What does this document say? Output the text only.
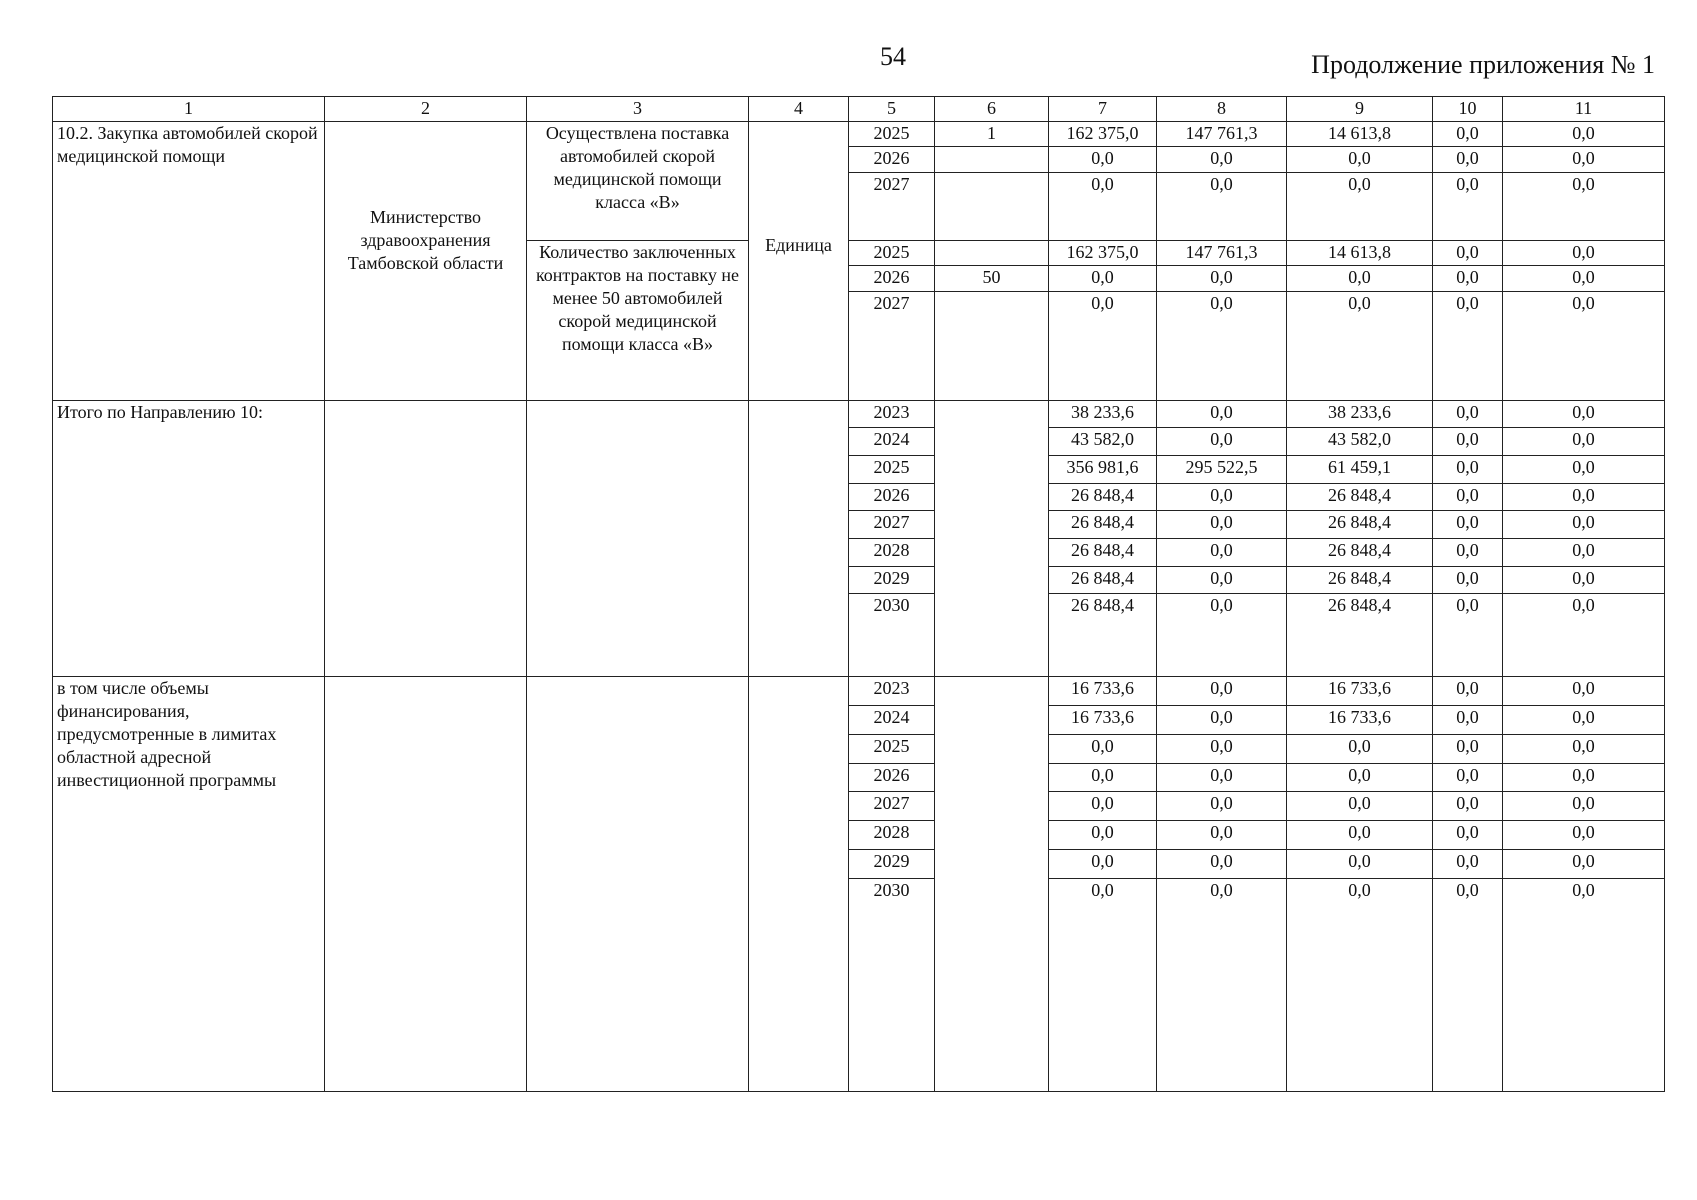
54	Продолжение приложения № 1
1	2	3	4	5	6	7	8	9	10	11
10.2. Закупка автомобилей скорой медицинской помощи	Министерство здравоохранения Тамбовской области	Осуществлена поставка автомобилей скорой медицинской помощи класса «В»	Единица	2025	1	162 375,0	147 761,3	14 613,8	0,0	0,0
				2026		0,0	0,0	0,0	0,0	0,0
				2027		0,0	0,0	0,0	0,0	0,0
		Количество заключенных контрактов на поставку не менее 50 автомобилей скорой медицинской помощи класса «В»		2025		162 375,0	147 761,3	14 613,8	0,0	0,0
				2026	50	0,0	0,0	0,0	0,0	0,0
				2027		0,0	0,0	0,0	0,0	0,0
Итого по Направлению 10:				2023		38 233,6	0,0	38 233,6	0,0	0,0
				2024		43 582,0	0,0	43 582,0	0,0	0,0
				2025		356 981,6	295 522,5	61 459,1	0,0	0,0
				2026		26 848,4	0,0	26 848,4	0,0	0,0
				2027		26 848,4	0,0	26 848,4	0,0	0,0
				2028		26 848,4	0,0	26 848,4	0,0	0,0
				2029		26 848,4	0,0	26 848,4	0,0	0,0
				2030		26 848,4	0,0	26 848,4	0,0	0,0
в том числе объемы финансирования, предусмотренные в лимитах областной адресной инвестиционной программы				2023		16 733,6	0,0	16 733,6	0,0	0,0
				2024		16 733,6	0,0	16 733,6	0,0	0,0
				2025		0,0	0,0	0,0	0,0	0,0
				2026		0,0	0,0	0,0	0,0	0,0
				2027		0,0	0,0	0,0	0,0	0,0
				2028		0,0	0,0	0,0	0,0	0,0
				2029		0,0	0,0	0,0	0,0	0,0
				2030		0,0	0,0	0,0	0,0	0,0
